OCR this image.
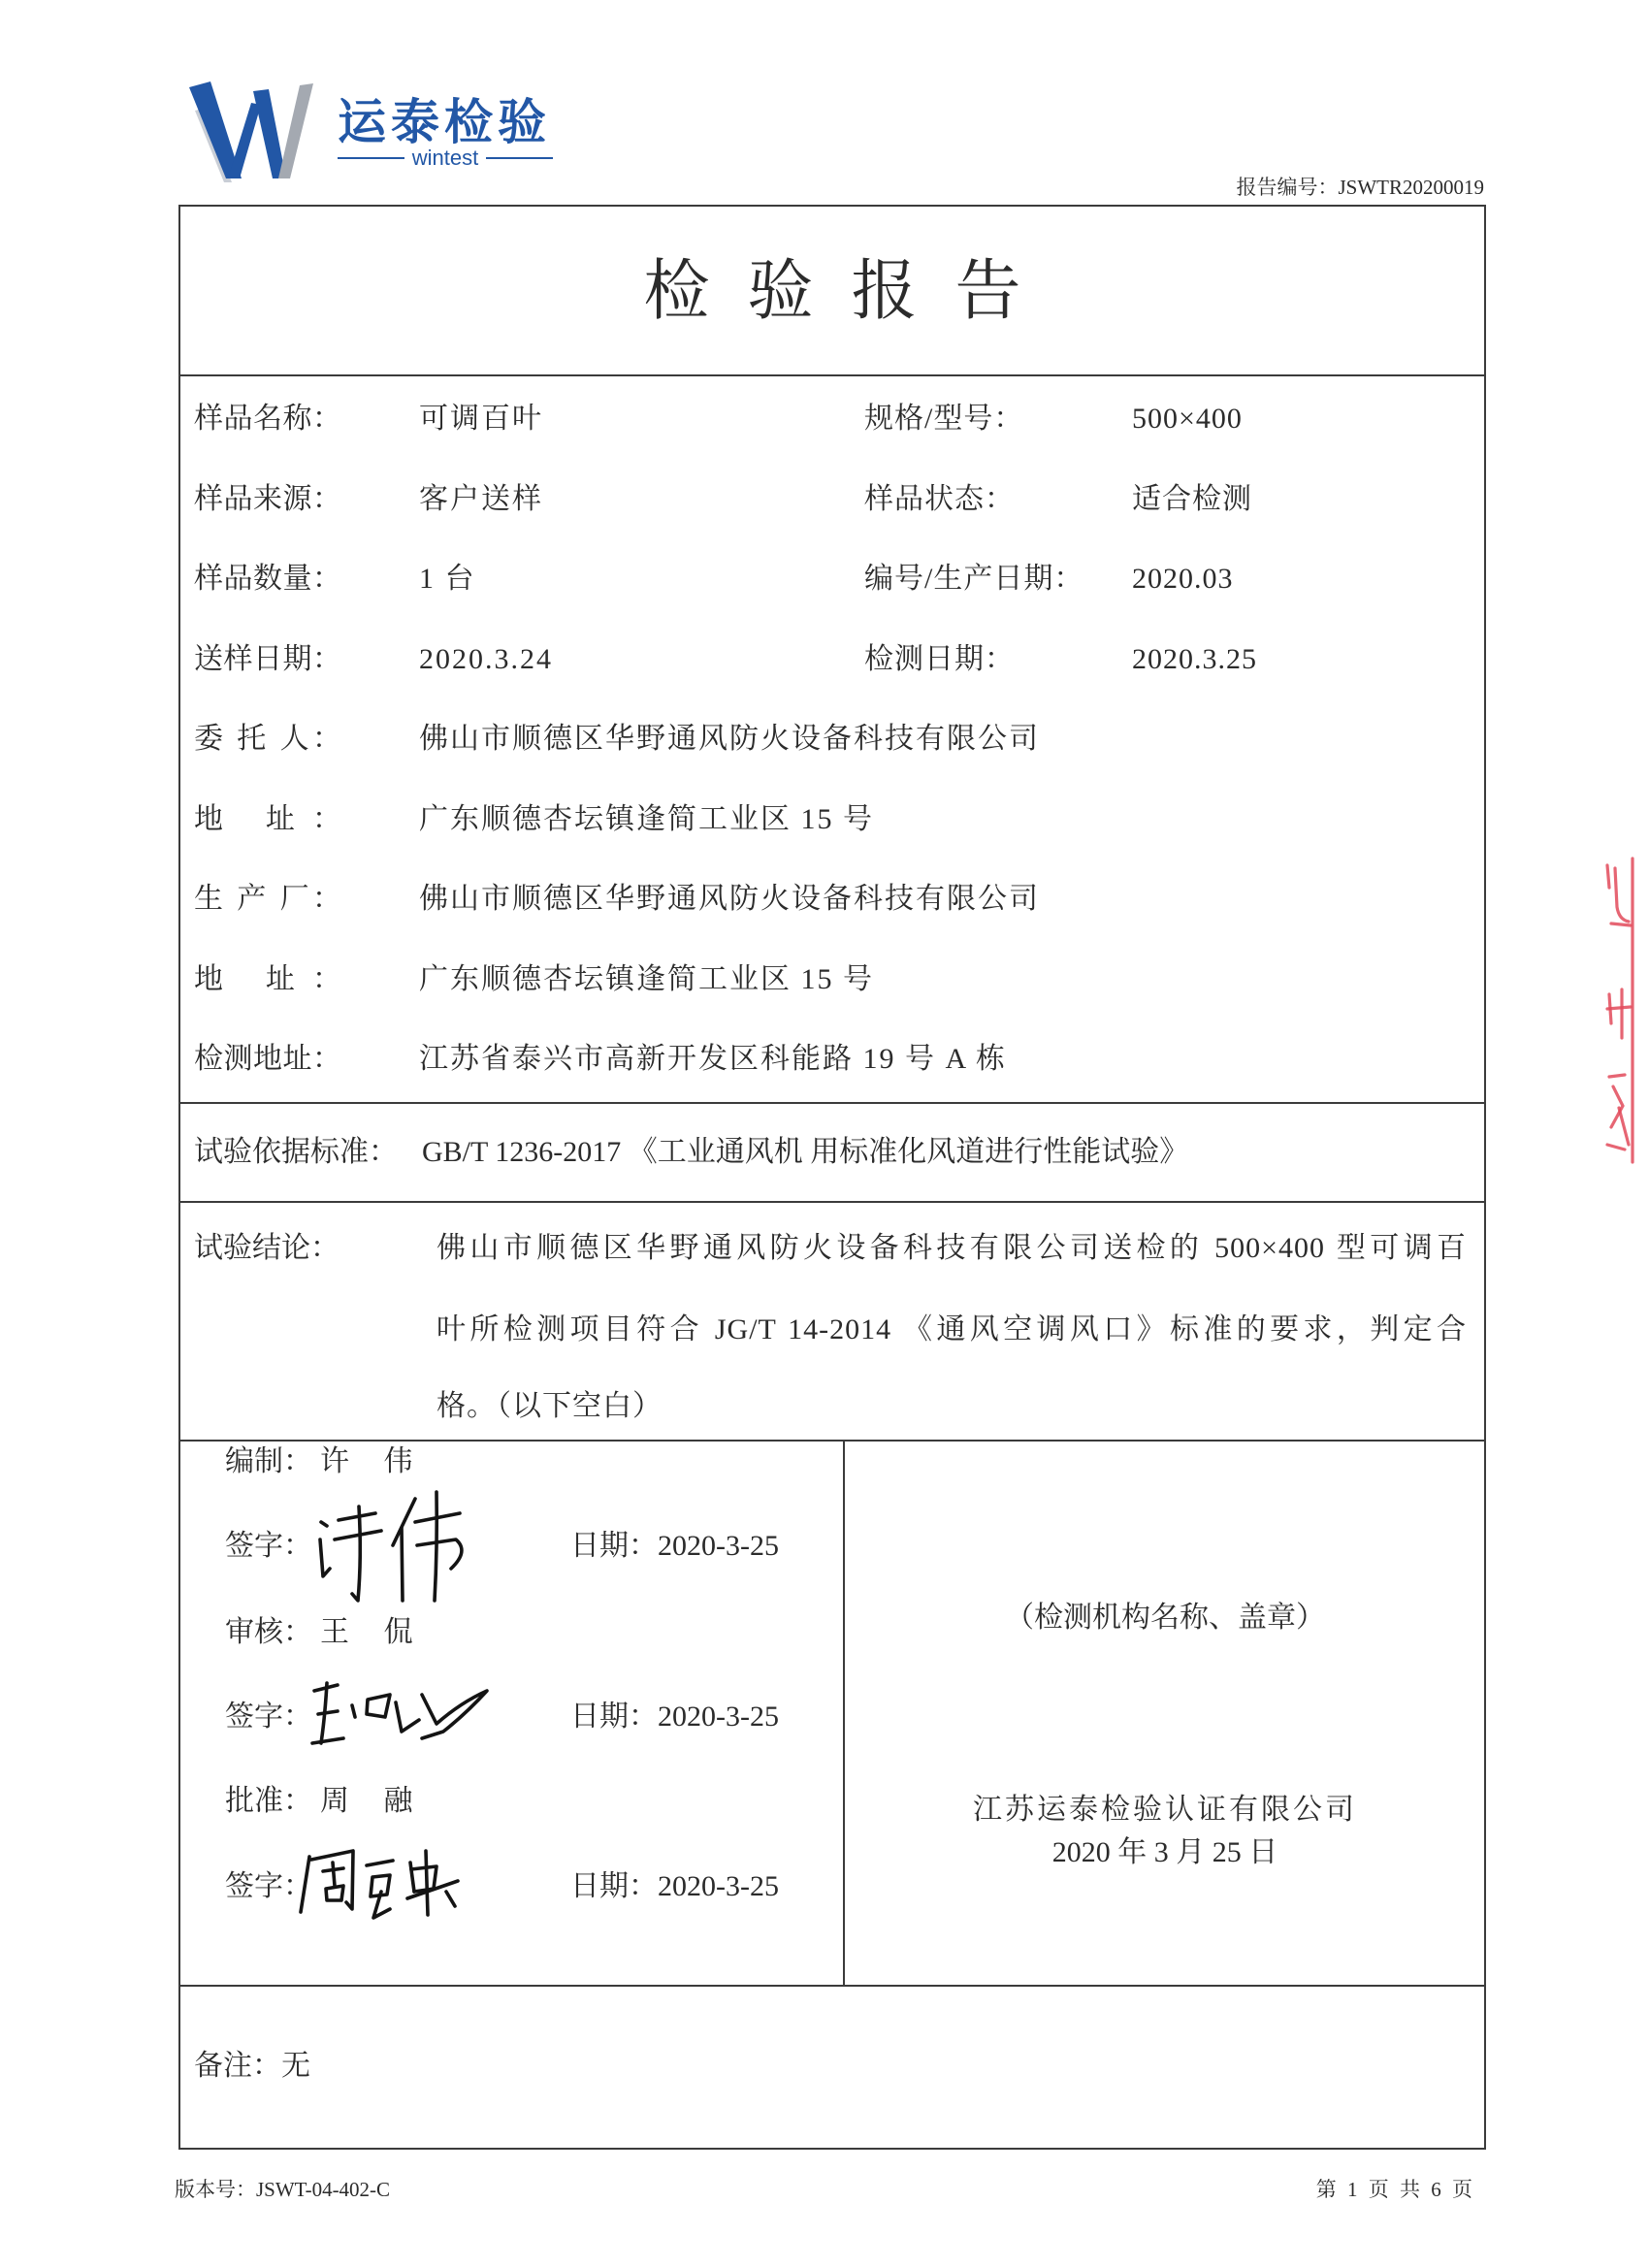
运泰检验
wintest
报告编号：JSWTR20200019
检 验 报 告
样品名称：	可调百叶	规格/型号：	500×400
样品来源：	客户送样	样品状态：	适合检测
样品数量：	1 台	编号/生产日期： 2020.03
送样日期：	2020.3.24	检测日期：	2020.3.25
委 托 人：	佛山市顺德区华野通风防火设备科技有限公司
地 址：	广东顺德杏坛镇逢简工业区 15 号
生 产 厂：	佛山市顺德区华野通风防火设备科技有限公司
地 址：	广东顺德杏坛镇逢简工业区 15 号
检测地址：	江苏省泰兴市高新开发区科能路 19 号 A 栋
试验依据标准： GB/T 1236-2017 《工业通风机 用标准化风道进行性能试验》
试验结论：	佛山市顺德区华野通风防火设备科技有限公司送检的 500×400 型可调百
叶所检测项目符合 JG/T 14-2014 《通风空调风口》标准的要求，判定合
格。（以下空白）
编制： 许 伟
签字：	日期：2020-3-25
审核： 王 侃
签字：	日期：2020-3-25
批准： 周 融
签字：	日期：2020-3-25
（检测机构名称、盖章）
江苏运泰检验认证有限公司
2020 年 3 月 25 日
备注：无
版本号：JSWT-04-402-C	第 1 页 共 6 页
